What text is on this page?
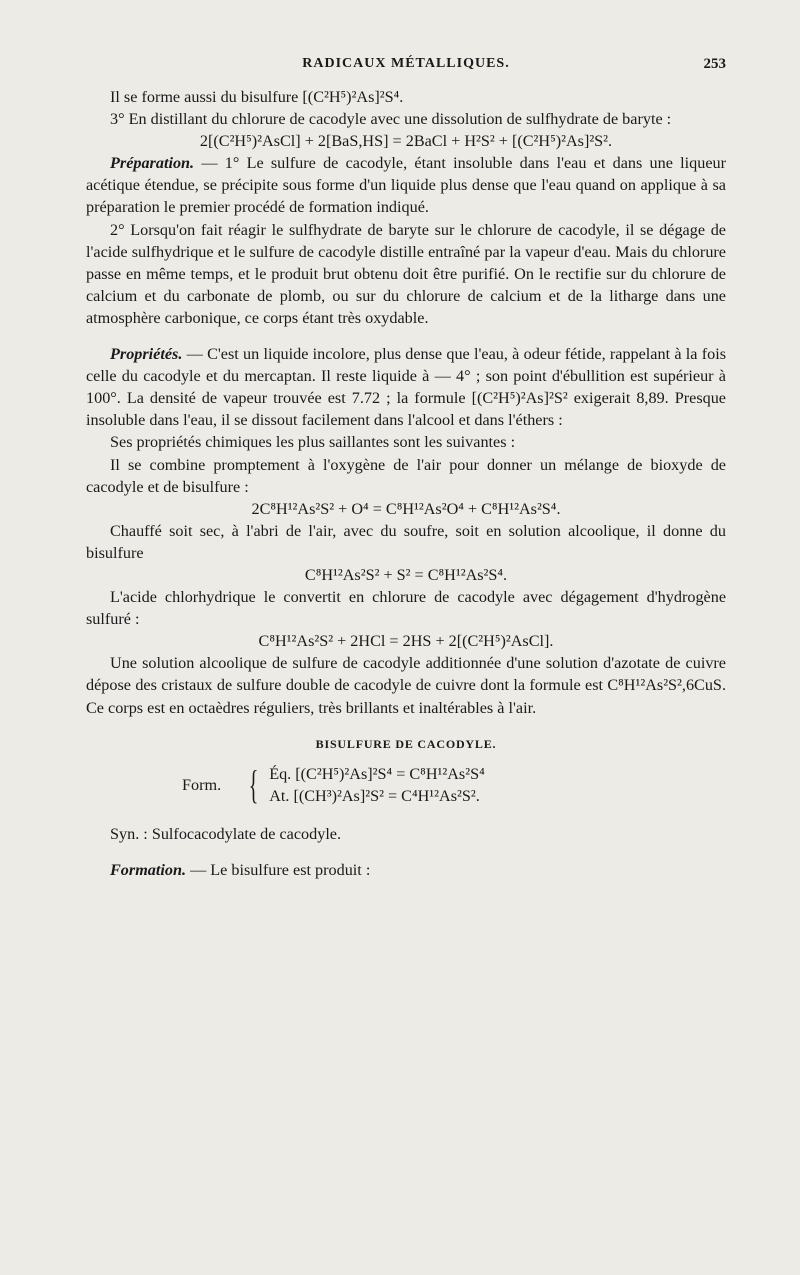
RADICAUX MÉTALLIQUES.	253

Il se forme aussi du bisulfure [(C²H⁵)²As]²S⁴.

3° En distillant du chlorure de cacodyle avec une dissolution de sulfhydrate de baryte :

2[(C²H⁵)²AsCl] + 2[BaS,HS] = 2BaCl + H²S² + [(C²H⁵)²As]²S².

Préparation. — 1° Le sulfure de cacodyle, étant insoluble dans l'eau et dans une liqueur acétique étendue, se précipite sous forme d'un liquide plus dense que l'eau quand on applique à sa préparation le premier procédé de formation indiqué.

2° Lorsqu'on fait réagir le sulfhydrate de baryte sur le chlorure de cacodyle, il se dégage de l'acide sulfhydrique et le sulfure de cacodyle distille entraîné par la vapeur d'eau. Mais du chlorure passe en même temps, et le produit brut obtenu doit être purifié. On le rectifie sur du chlorure de calcium et du carbonate de plomb, ou sur du chlorure de calcium et de la litharge dans une atmosphère carbonique, ce corps étant très oxydable.

Propriétés. — C'est un liquide incolore, plus dense que l'eau, à odeur fétide, rappelant à la fois celle du cacodyle et du mercaptan. Il reste liquide à — 4° ; son point d'ébullition est supérieur à 100°. La densité de vapeur trouvée est 7.72 ; la formule [(C²H⁵)²As]²S² exigerait 8,89. Presque insoluble dans l'eau, il se dissout facilement dans l'alcool et dans l'éthers :

Ses propriétés chimiques les plus saillantes sont les suivantes :

Il se combine promptement à l'oxygène de l'air pour donner un mélange de bioxyde de cacodyle et de bisulfure :

2C⁸H¹²As²S² + O⁴ = C⁸H¹²As²O⁴ + C⁸H¹²As²S⁴.

Chauffé soit sec, à l'abri de l'air, avec du soufre, soit en solution alcoolique, il donne du bisulfure

C⁸H¹²As²S² + S² = C⁸H¹²As²S⁴.

L'acide chlorhydrique le convertit en chlorure de cacodyle avec dégagement d'hydrogène sulfuré :

C⁸H¹²As²S² + 2HCl = 2HS + 2[(C²H⁵)²AsCl].

Une solution alcoolique de sulfure de cacodyle additionnée d'une solution d'azotate de cuivre dépose des cristaux de sulfure double de cacodyle de cuivre dont la formule est C⁸H¹²As²S²,6CuS. Ce corps est en octaèdres réguliers, très brillants et inaltérables à l'air.

BISULFURE DE CACODYLE.
Form. { Éq. [(C²H⁵)²As]²S⁴ = C⁸H¹²As²S⁴
At. [(CH³)²As]²S² = C⁴H¹²As²S².

Syn. : Sulfocacodylate de cacodyle.

Formation. — Le bisulfure est produit :
